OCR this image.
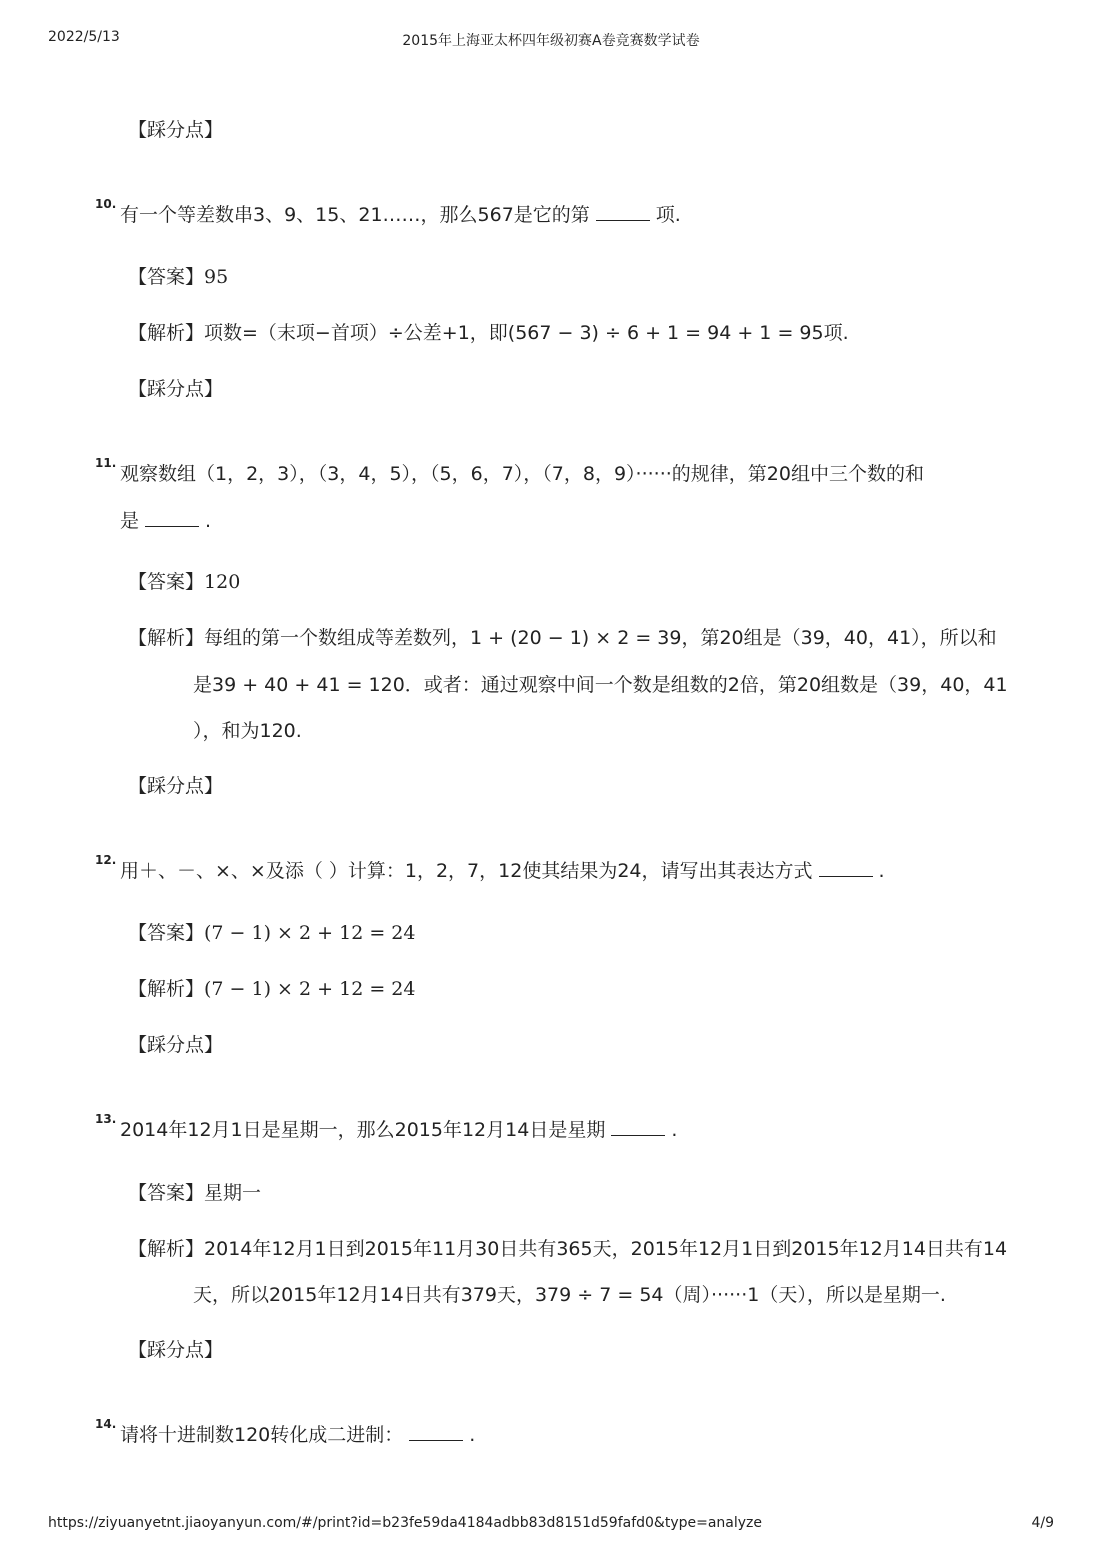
2022/5/13	2015年上海亚太杯四年级初赛A卷竞赛数学试卷
【踩分点】
10. 有一个等差数串3、9、15、21……，那么567是它的第	项.
【答案】95
【解析】项数=（末项−首项）÷公差+1，即(567 − 3) ÷ 6 + 1 = 94 + 1 = 95项.
【踩分点】
11. 观察数组（1，2，3），（3，4，5），（5，6，7），（7，8，9）······的规律，第20组中三个数的和
是	.
【答案】120
【解析】每组的第一个数组成等差数列，1 + (20 − 1) × 2 = 39，第20组是（39，40，41），所以和
是39 + 40 + 41 = 120．或者：通过观察中间一个数是组数的2倍，第20组数是（39，40，41
），和为120.
【踩分点】
12. 用＋、－、×、×及添（ ）计算：1，2，7，12使其结果为24，请写出其表达方式	.
【答案】(7 − 1) × 2 + 12 = 24
【解析】(7 − 1) × 2 + 12 = 24
【踩分点】
13. 2014年12月1日是星期一，那么2015年12月14日是星期	.
【答案】星期一
【解析】2014年12月1日到2015年11月30日共有365天，2015年12月1日到2015年12月14日共有14
天，所以2015年12月14日共有379天，379 ÷ 7 = 54（周）······1（天），所以是星期一.
【踩分点】
14. 请将十进制数120转化成二进制：	.
https://ziyuanyetnt.jiaoyanyun.com/#/print?id=b23fe59da4184adbb83d8151d59fafd0&type=analyze	4/9
